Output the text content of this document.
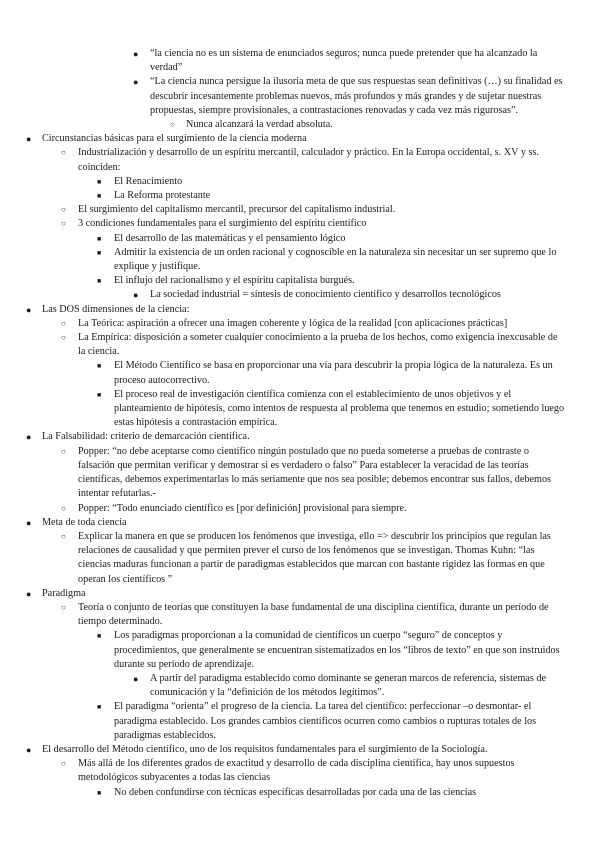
● “la ciencia no es un sistema de enunciados seguros; nunca puede pretender que ha alcanzado la verdad”
● “La ciencia nunca persigue la ilusoria meta de que sus respuestas sean definitivas (…) su finalidad es descubrir incesantemente problemas nuevos, más profundos y más grandes y de sujetar nuestras propuestas, siempre provisionales, a contrastaciones renovadas y cada vez más rigurosas”.
○ Nunca alcanzará la verdad absoluta.
● Circunstancias básicas para el surgimiento de la ciencia moderna
○ Industrialización y desarrollo de un espíritu mercantil, calculador y práctico. En la Europa occidental, s. XV y ss. coinciden:
■ El Renacimiento
■ La Reforma protestante
○ El surgimiento del capitalismo mercantil, precursor del capitalismo industrial.
○ 3 condiciones fundamentales para el surgimiento del espíritu científico
■ El desarrollo de las matemáticas y el pensamiento lógico
■ Admitir la existencia de un orden racional y cognoscible en la naturaleza sin necesitar un ser supremo que lo explique y justifique.
■ El influjo del racionalismo y el espíritu capitalista burgués.
● La sociedad industrial = síntesis de conocimiento científico y desarrollos tecnológicos
● Las DOS dimensiones de la ciencia:
○ La Teórica: aspiración a ofrecer una imagen coherente y lógica de la realidad [con aplicaciones prácticas]
○ La Empírica: disposición a someter cualquier conocimiento a la prueba de los hechos, como exigencia inexcusable de la ciencia.
■ El Método Científico se basa en proporcionar una vía para descubrir la propia lógica de la naturaleza. Es un proceso autocorrectivo.
■ El proceso real de investigación científica comienza con el establecimiento de unos objetivos y el planteamiento de hipótesis, como intentos de respuesta al problema que tenemos en estudio; sometiendo luego estas hipótesis a contrastación empírica.
● La Falsabilidad: criterio de demarcación científica.
○ Popper: “no debe aceptarse como científico ningún postulado que no pueda someterse a pruebas de contraste o falsación que permitan verificar y demostrar si es verdadero o falso” Para establecer la veracidad de las teorías científicas, debemos experimentarlas lo más seriamente que nos sea posible; debemos encontrar sus fallos, debemos intentar refutarlas.-
○ Popper: “Todo enunciado científico es [por definición] provisional para siempre.
● Meta de toda ciencia
○ Explicar la manera en que se producen los fenómenos que investiga, ello => descubrir los principios que regulan las relaciones de causalidad y que permiten prever el curso de los fenómenos que se investigan. Thomas Kuhn: “las ciencias maduras funcionan a partir de paradigmas establecidos que marcan con bastante rigidez las formas en que operan los científicos ”
● Paradigma
○ Teoría o conjunto de teorías que constituyen la base fundamental de una disciplina científica, durante un período de tiempo determinado.
■ Los paradigmas proporcionan a la comunidad de científicos un cuerpo “seguro” de conceptos y procedimientos, que generalmente se encuentran sistematizados en los “libros de texto” en que son instruidos durante su período de aprendizaje.
● A partir del paradigma establecido como dominante se generan marcos de referencia, sistemas de comunicación y la “definición de los métodos legítimos”.
■ El paradigma “orienta” el progreso de la ciencia. La tarea del científico: perfeccionar –o desmontar- el paradigma establecido. Los grandes cambios científicos ocurren como cambios o rupturas totales de los paradigmas establecidos.
● El desarrollo del Método científico, uno de los requisitos fundamentales para el surgimiento de la Sociología.
○ Más allá de los diferentes grados de exactitud y desarrollo de cada disciplina científica, hay unos supuestos metodológicos subyacentes a todas las ciencias
■ No deben confundirse con técnicas específicas desarrolladas por cada una de las ciencias
